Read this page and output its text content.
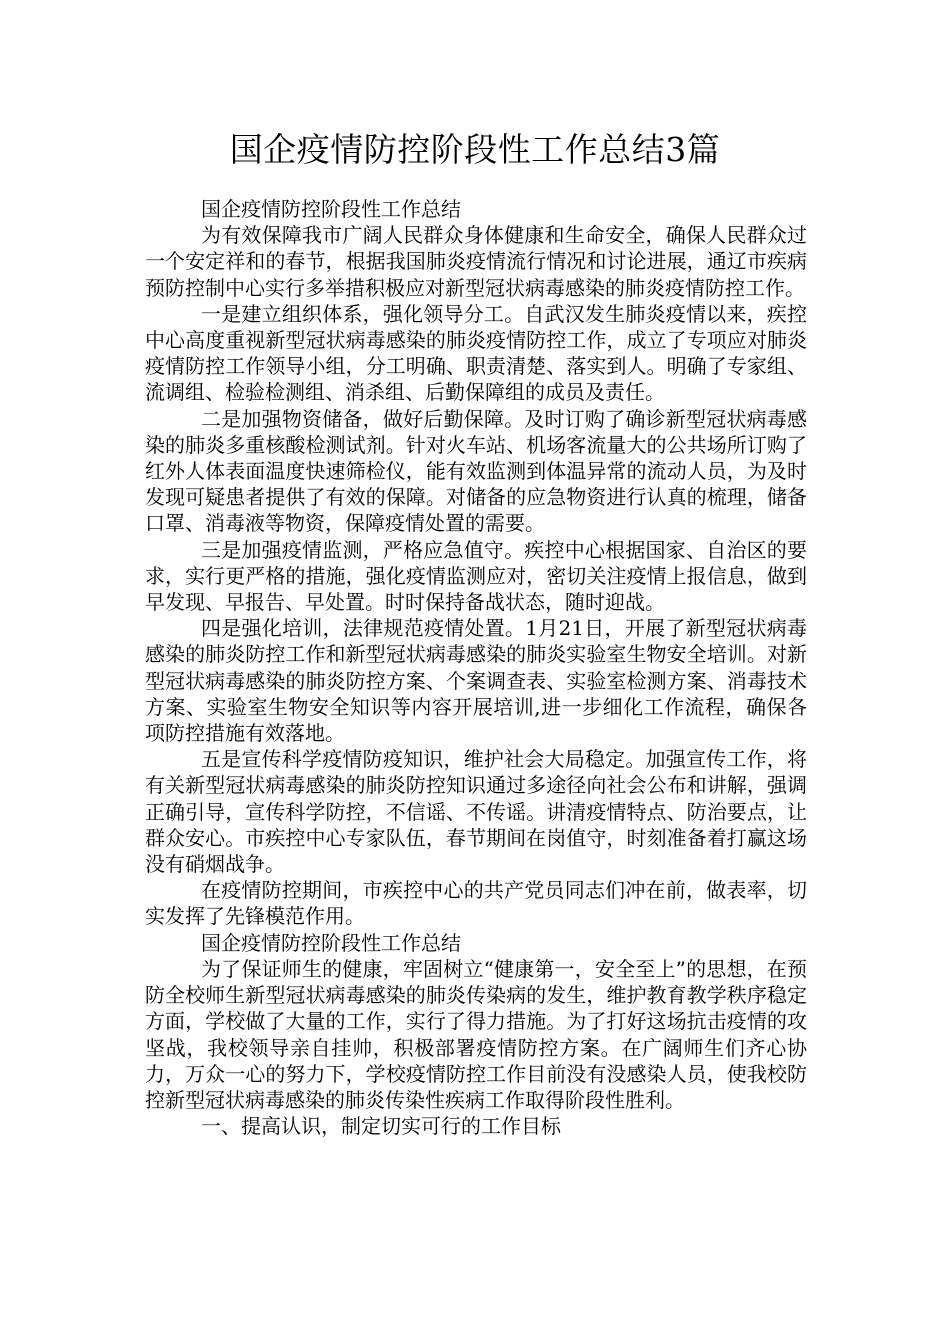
国企疫情防控阶段性工作总结3篇

国企疫情防控阶段性工作总结

为有效保障我市广阔人民群众身体健康和生命安全，确保人民群众过一个安定祥和的春节，根据我国肺炎疫情流行情况和讨论进展，通辽市疾病预防控制中心实行多举措积极应对新型冠状病毒感染的肺炎疫情防控工作。

一是建立组织体系，强化领导分工。自武汉发生肺炎疫情以来，疾控中心高度重视新型冠状病毒感染的肺炎疫情防控工作，成立了专项应对肺炎疫情防控工作领导小组，分工明确、职责清楚、落实到人。明确了专家组、流调组、检验检测组、消杀组、后勤保障组的成员及责任。

二是加强物资储备，做好后勤保障。及时订购了确诊新型冠状病毒感染的肺炎多重核酸检测试剂。针对火车站、机场客流量大的公共场所订购了红外人体表面温度快速筛检仪，能有效监测到体温异常的流动人员，为及时发现可疑患者提供了有效的保障。对储备的应急物资进行认真的梳理，储备口罩、消毒液等物资，保障疫情处置的需要。

三是加强疫情监测，严格应急值守。疾控中心根据国家、自治区的要求，实行更严格的措施，强化疫情监测应对，密切关注疫情上报信息，做到早发现、早报告、早处置。时时保持备战状态，随时迎战。

四是强化培训，法律规范疫情处置。1月21日，开展了新型冠状病毒感染的肺炎防控工作和新型冠状病毒感染的肺炎实验室生物安全培训。对新型冠状病毒感染的肺炎防控方案、个案调查表、实验室检测方案、消毒技术方案、实验室生物安全知识等内容开展培训,进一步细化工作流程，确保各项防控措施有效落地。

五是宣传科学疫情防疫知识，维护社会大局稳定。加强宣传工作，将有关新型冠状病毒感染的肺炎防控知识通过多途径向社会公布和讲解，强调正确引导，宣传科学防控，不信谣、不传谣。讲清疫情特点、防治要点，让群众安心。市疾控中心专家队伍，春节期间在岗值守，时刻准备着打赢这场没有硝烟战争。

在疫情防控期间，市疾控中心的共产党员同志们冲在前，做表率，切实发挥了先锋模范作用。

国企疫情防控阶段性工作总结

为了保证师生的健康，牢固树立“健康第一，安全至上”的思想，在预防全校师生新型冠状病毒感染的肺炎传染病的发生，维护教育教学秩序稳定方面，学校做了大量的工作，实行了得力措施。为了打好这场抗击疫情的攻坚战，我校领导亲自挂帅，积极部署疫情防控方案。在广阔师生们齐心协力，万众一心的努力下，学校疫情防控工作目前没有没感染人员，使我校防控新型冠状病毒感染的肺炎传染性疾病工作取得阶段性胜利。

一、提高认识，制定切实可行的工作目标
